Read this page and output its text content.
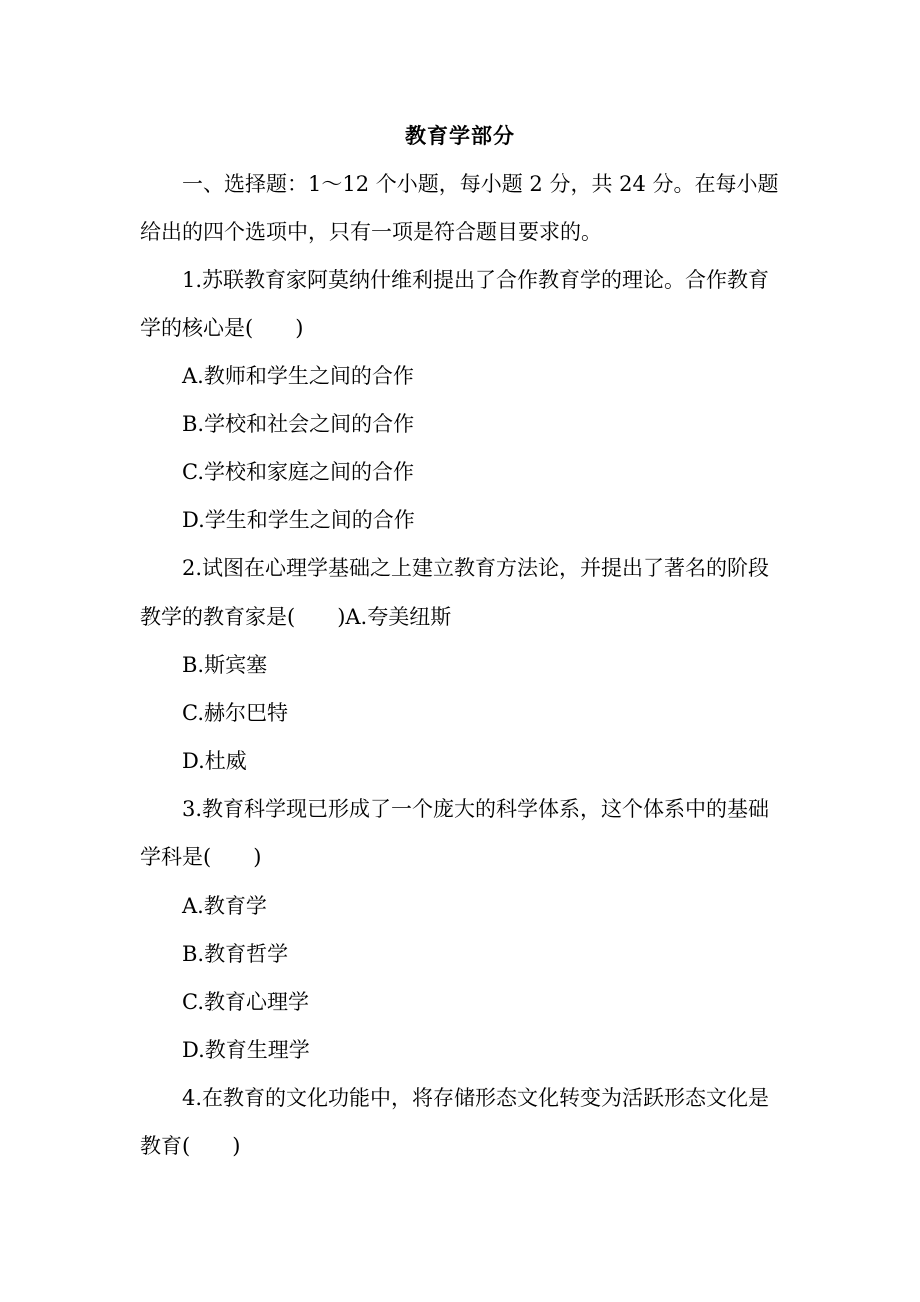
教育学部分
一、选择题：1～12 个小题，每小题 2 分，共 24 分。在每小题
给出的四个选项中，只有一项是符合题目要求的。
1.苏联教育家阿莫纳什维利提出了合作教育学的理论。合作教育
学的核心是(　　)
A.教师和学生之间的合作
B.学校和社会之间的合作
C.学校和家庭之间的合作
D.学生和学生之间的合作
2.试图在心理学基础之上建立教育方法论，并提出了著名的阶段
教学的教育家是(　　)A.夸美纽斯
B.斯宾塞
C.赫尔巴特
D.杜威
3.教育科学现已形成了一个庞大的科学体系，这个体系中的基础
学科是(　　)
A.教育学
B.教育哲学
C.教育心理学
D.教育生理学
4.在教育的文化功能中，将存储形态文化转变为活跃形态文化是
教育(　　)
